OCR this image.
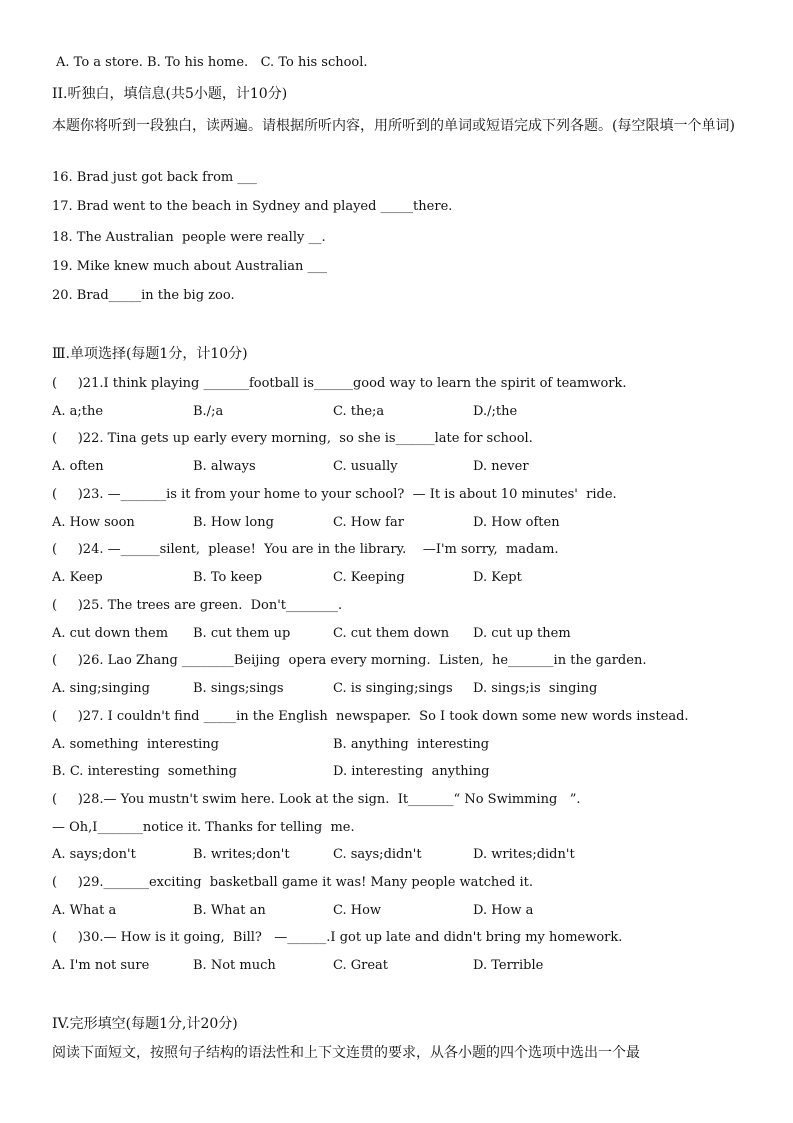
A. To a store. B. To his home.   C. To his school.
II.听独白，填信息(共5小题，计10分)
本题你将听到一段独白，读两遍。请根据所听内容，用所听到的单词或短语完成下列各题。(每空限填一个单词)
16. Brad just got back from ___
17. Brad went to the beach in Sydney and played _____there.
18. The Australian  people were really __.
19. Mike knew much about Australian ___
20. Brad_____in the big zoo.
Ⅲ.单项选择(每题1分，计10分)
(     )21.I think playing _______football is______good way to learn the spirit of teamwork.
A. a;the	B./;a	C. the;a	D./;the
(     )22. Tina gets up early every morning,  so she is______late for school.
A. often	B. always	C. usually	D. never
(     )23. —_______is it from your home to your school?  — It is about 10 minutes'  ride.
A. How soon	B. How long	C. How far	D. How often
(     )24. —______silent,  please!  You are in the library.    —I'm sorry,  madam.
A. Keep	B. To keep	C. Keeping	D. Kept
(     )25. The trees are green.  Don't________.
A. cut down them B. cut them up	C. cut them down D. cut up them
(     )26. Lao Zhang ________Beijing  opera every morning.  Listen,  he_______in the garden.
A. sing;singing	B. sings;sings	C. is singing;sings D. sings;is  singing
(     )27. I couldn't find _____in the English  newspaper.  So I took down some new words instead.
A. something  interesting	B. anything  interesting
B. C. interesting  something	D. interesting  anything
(     )28.— You mustn't swim here. Look at the sign.  It_______“ No Swimming   ”.
— Oh,I_______notice it. Thanks for telling  me.
A. says;don't	B. writes;don't	C. says;didn't	D. writes;didn't
(     )29._______exciting  basketball game it was! Many people watched it.
A. What a	B. What an	C. How	D. How a
(     )30.— How is it going,  Bill?   —______.I got up late and didn't bring my homework.
A. I'm not sure	B. Not much	C. Great	D. Terrible
IV.完形填空(每题1分,计20分)
阅读下面短文，按照句子结构的语法性和上下文连贯的要求，从各小题的四个选项中选出一个最
